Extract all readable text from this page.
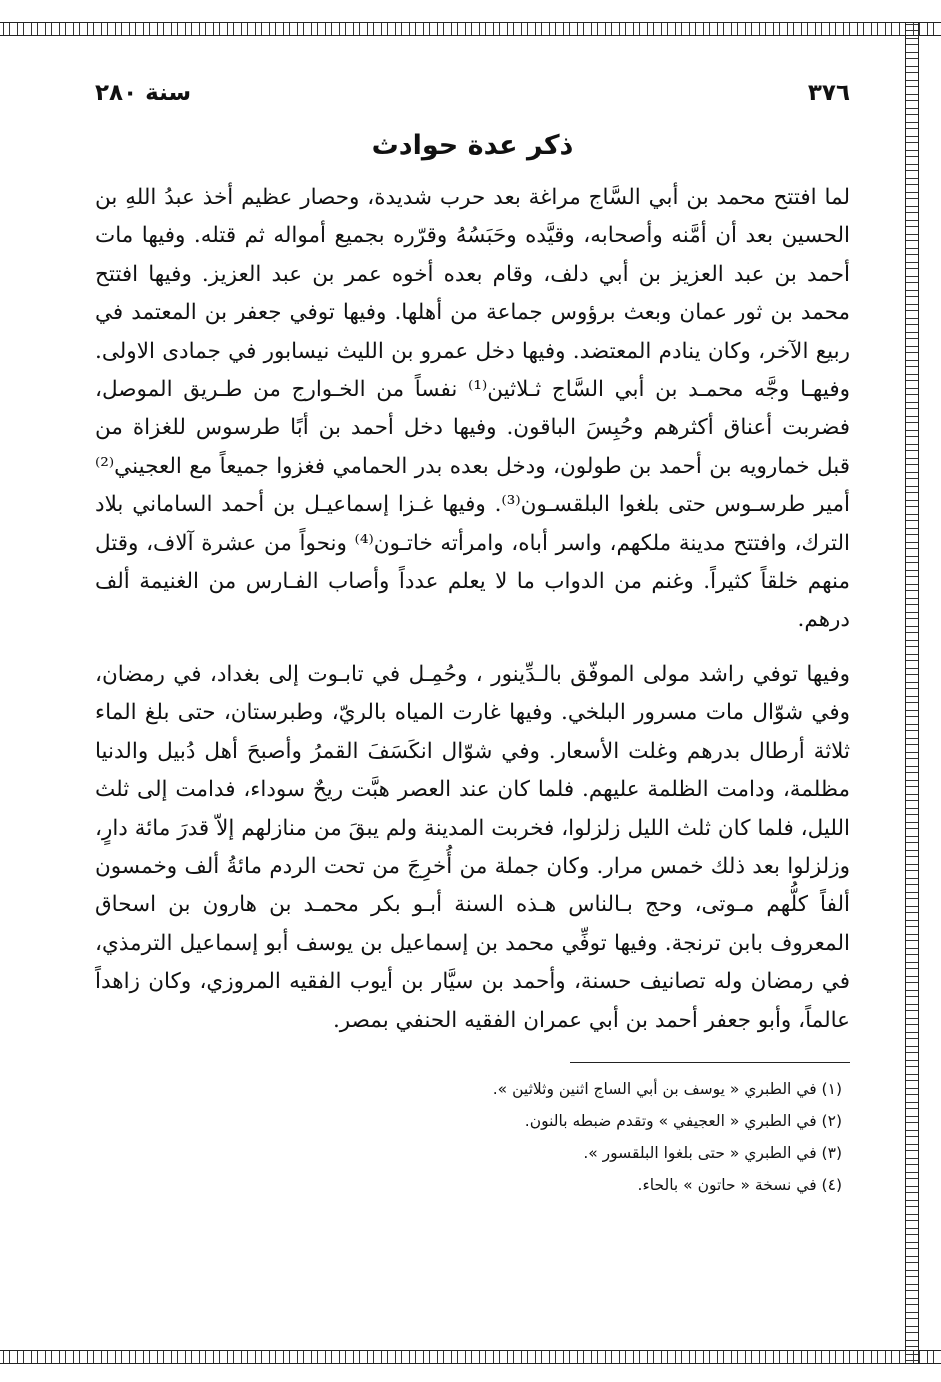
٣٧٦
سنة ٢٨٠
ذكر عدة حوادث

لما افتتح محمد بن أبي السَّاج مراغة بعد حرب شديدة، وحصار عظيم أخذ عبدُ اللهِ بن الحسين بعد أن أمَّنه وأصحابه، وقيَّده وحَبَسُهُ وقرّره بجميع أمواله ثم قتله. وفيها مات أحمد بن عبد العزيز بن أبي دلف، وقام بعده أخوه عمر بن عبد العزيز. وفيها افتتح محمد بن ثور عمان وبعث برؤوس جماعة من أهلها. وفيها توفي جعفر بن المعتمد في ربيع الآخر، وكان ينادم المعتضد. وفيها دخل عمرو بن الليث نيسابور في جمادى الاولى. وفيهـا وجَّه محمـد بن أبي السَّاج ثـلاثين⁽¹⁾ نفساً من الخـوارج من طـريق الموصل، فضربت أعناق أكثرهم وحُبِسَ الباقون. وفيها دخل أحمد بن أبًا طرسوس للغزاة من قبل خمارويه بن أحمد بن طولون، ودخل بعده بدر الحمامي فغزوا جميعاً مع العجيني⁽²⁾ أمير طرسـوس حتى بلغوا البلقسـون⁽³⁾. وفيها غـزا إسماعيـل بن أحمد الساماني بلاد الترك، وافتتح مدينة ملكهم، واسر أباه، وامرأته خاتـون⁽⁴⁾ ونحواً من عشرة آلاف، وقتل منهم خلقاً كثيراً. وغنم من الدواب ما لا يعلم عدداً وأصاب الفـارس من الغنيمة ألف درهم.

وفيها توفي راشد مولى الموفّق بالـدِّينور ، وحُمِـل في تابـوت إلى بغداد، في رمضان، وفي شوّال مات مسرور البلخي. وفيها غارت المياه بالريّ، وطبرستان، حتى بلغ الماء ثلاثة أرطال بدرهم وغلت الأسعار. وفي شوّال انكَسَفَ القمرُ وأصبحَ أهل دُبيل والدنيا مظلمة، ودامت الظلمة عليهم. فلما كان عند العصر هبَّت ريحٌ سوداء، فدامت إلى ثلث الليل، فلما كان ثلث الليل زلزلوا، فخربت المدينة ولم يبقَ من منازلهم إلاّ قدرَ مائة دارٍ، وزلزلوا بعد ذلك خمس مرار. وكان جملة من أُخرِجَ من تحت الردم مائةُ ألف وخمسون ألفاً كلُّهم مـوتى، وحج بـالناس هـذه السنة أبـو بكر محمـد بن هارون بن اسحاق المعروف بابن ترنجة. وفيها توفِّي محمد بن إسماعيل بن يوسف أبو إسماعيل الترمذي، في رمضان وله تصانيف حسنة، وأحمد بن سيَّار بن أيوب الفقيه المروزي، وكان زاهداً عالماً، وأبو جعفر أحمد بن أبي عمران الفقيه الحنفي بمصر.

(١) في الطبري « يوسف بن أبي الساج اثنين وثلاثين ».

(٢) في الطبري « العجيفي » وتقدم ضبطه بالنون.

(٣) في الطبري « حتى بلغوا البلقسور ».

(٤) في نسخة « حاتون » بالحاء.
